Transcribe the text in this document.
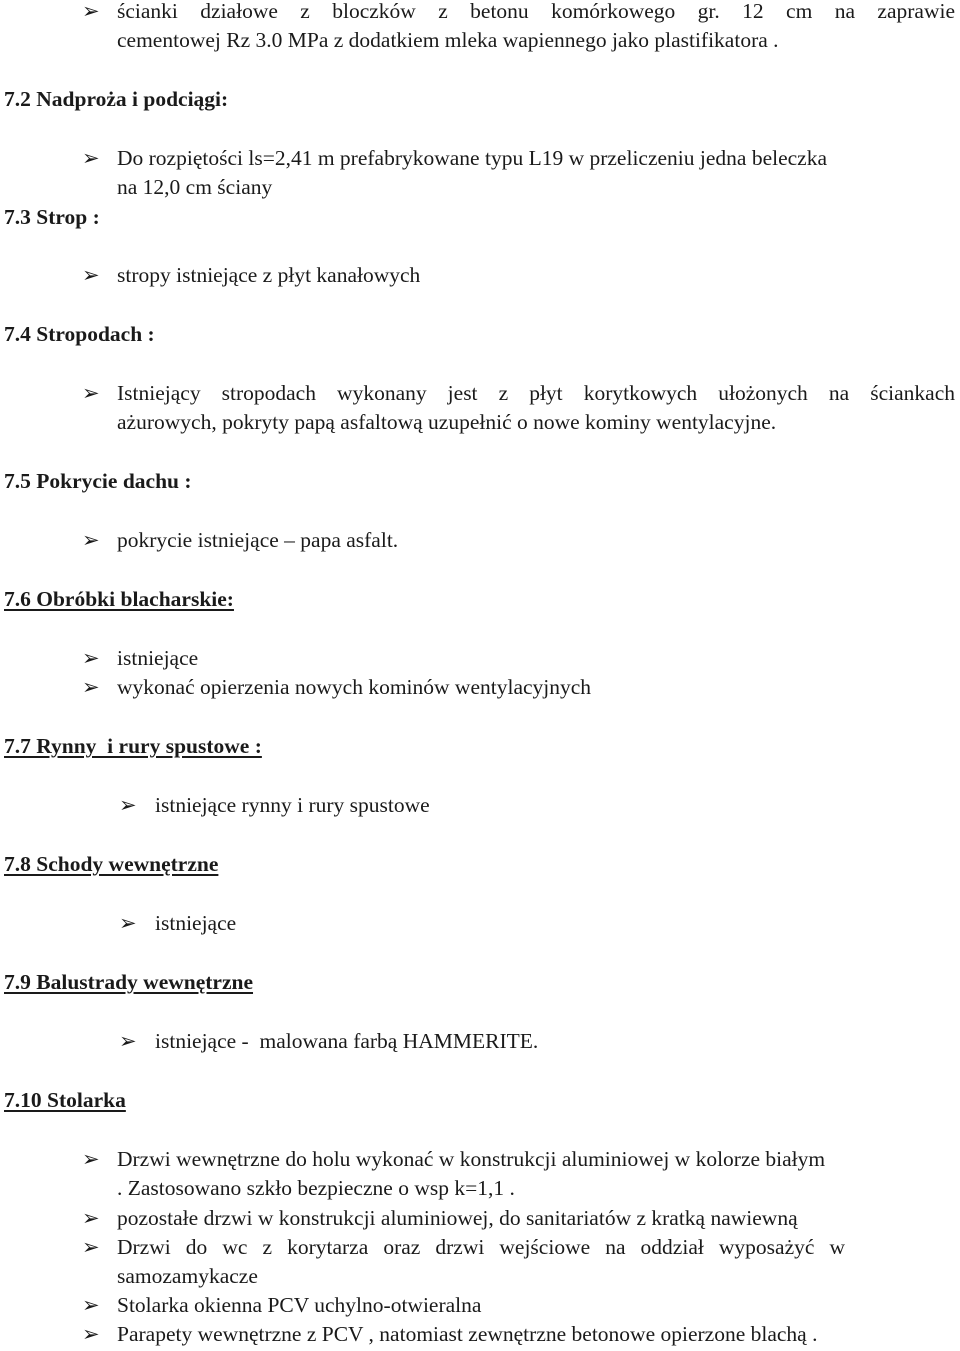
➢ ścianki działowe z bloczków z betonu komórkowego gr. 12 cm na zaprawie
cementowej Rz 3.0 MPa z dodatkiem mleka wapiennego jako plastifikatora .
7.2 Nadproża i podciągi:
➢ Do rozpiętości ls=2,41 m prefabrykowane typu L19 w przeliczeniu jedna beleczka
na 12,0 cm ściany
7.3 Strop :
➢ stropy istniejące z płyt kanałowych
7.4 Stropodach :
➢ Istniejący stropodach wykonany jest z płyt korytkowych ułożonych na ściankach
ażurowych, pokryty papą asfaltową uzupełnić o nowe kominy wentylacyjne.
7.5 Pokrycie dachu :
➢ pokrycie istniejące – papa asfalt.
7.6 Obróbki blacharskie:
➢ istniejące
➢ wykonać opierzenia nowych kominów wentylacyjnych
7.7 Rynny  i rury spustowe :
➢ istniejące rynny i rury spustowe
7.8 Schody wewnętrzne
➢ istniejące
7.9 Balustrady wewnętrzne
➢ istniejące -  malowana farbą HAMMERITE.
7.10 Stolarka
➢ Drzwi wewnętrzne do holu wykonać w konstrukcji aluminiowej w kolorze białym
. Zastosowano szkło bezpieczne o wsp k=1,1 .
➢ pozostałe drzwi w konstrukcji aluminiowej, do sanitariatów z kratką nawiewną
➢ Drzwi do wc z korytarza oraz drzwi wejściowe na oddział wyposażyć w
samozamykacze
➢ Stolarka okienna PCV uchylno-otwieralna
➢ Parapety wewnętrzne z PCV , natomiast zewnętrzne betonowe opierzone blachą .
